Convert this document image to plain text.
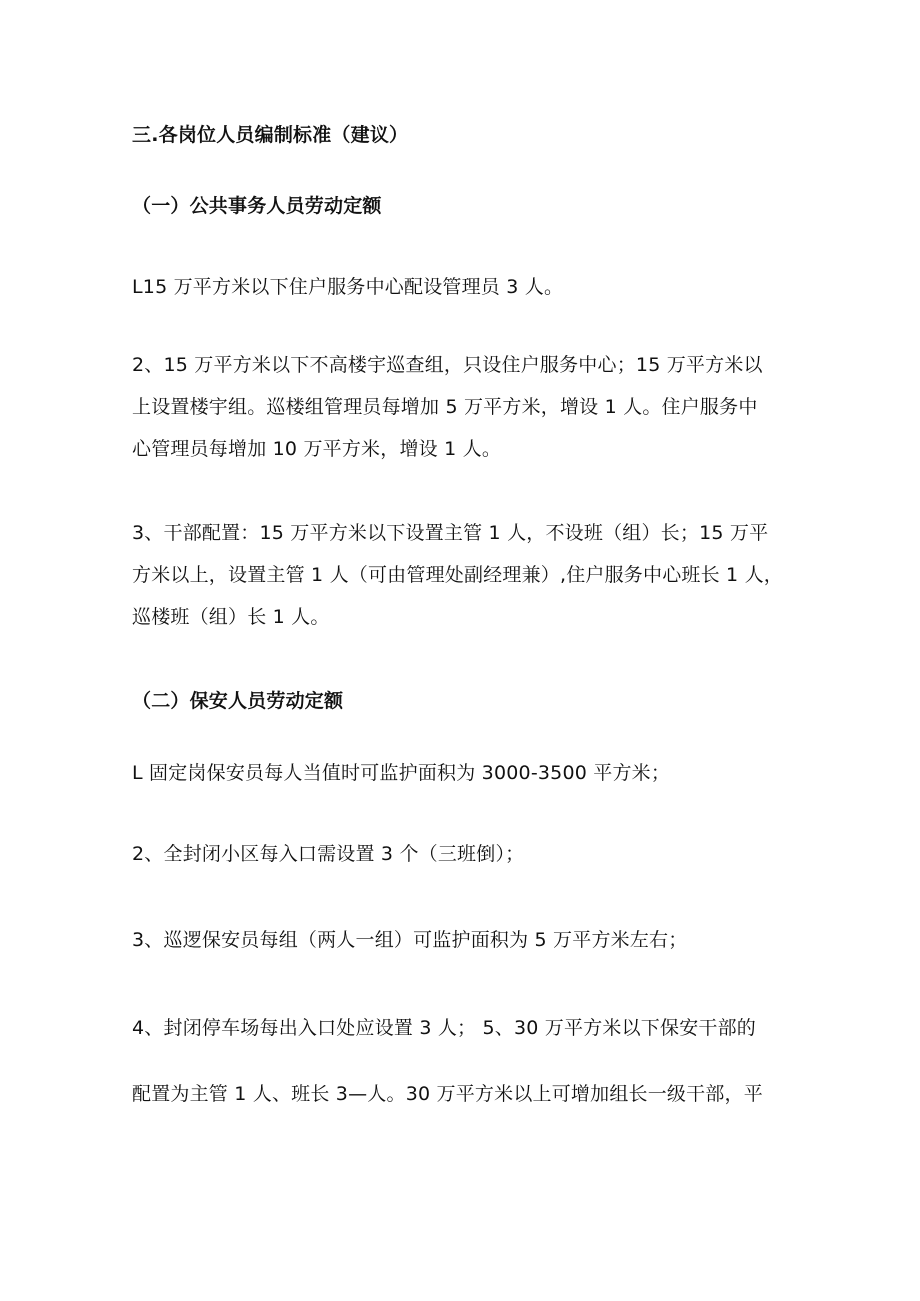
三.各岗位人员编制标准（建议）
（一）公共事务人员劳动定额
L15 万平方米以下住户服务中心配设管理员 3 人。
2、15 万平方米以下不高楼宇巡查组，只设住户服务中心；15 万平方米以
上设置楼宇组。巡楼组管理员每增加 5 万平方米，增设 1 人。住户服务中
心管理员每增加 10 万平方米，增设 1 人。
3、干部配置：15 万平方米以下设置主管 1 人，不设班（组）长；15 万平
方米以上，设置主管 1 人（可由管理处副经理兼）,住户服务中心班长 1 人，
巡楼班（组）长 1 人。
（二）保安人员劳动定额
L 固定岗保安员每人当值时可监护面积为 3000-3500 平方米；
2、全封闭小区每入口需设置 3 个（三班倒）；
3、巡逻保安员每组（两人一组）可监护面积为 5 万平方米左右；
4、封闭停车场每出入口处应设置 3 人； 5、30 万平方米以下保安干部的
配置为主管 1 人、班长 3—人。30 万平方米以上可增加组长一级干部，平
